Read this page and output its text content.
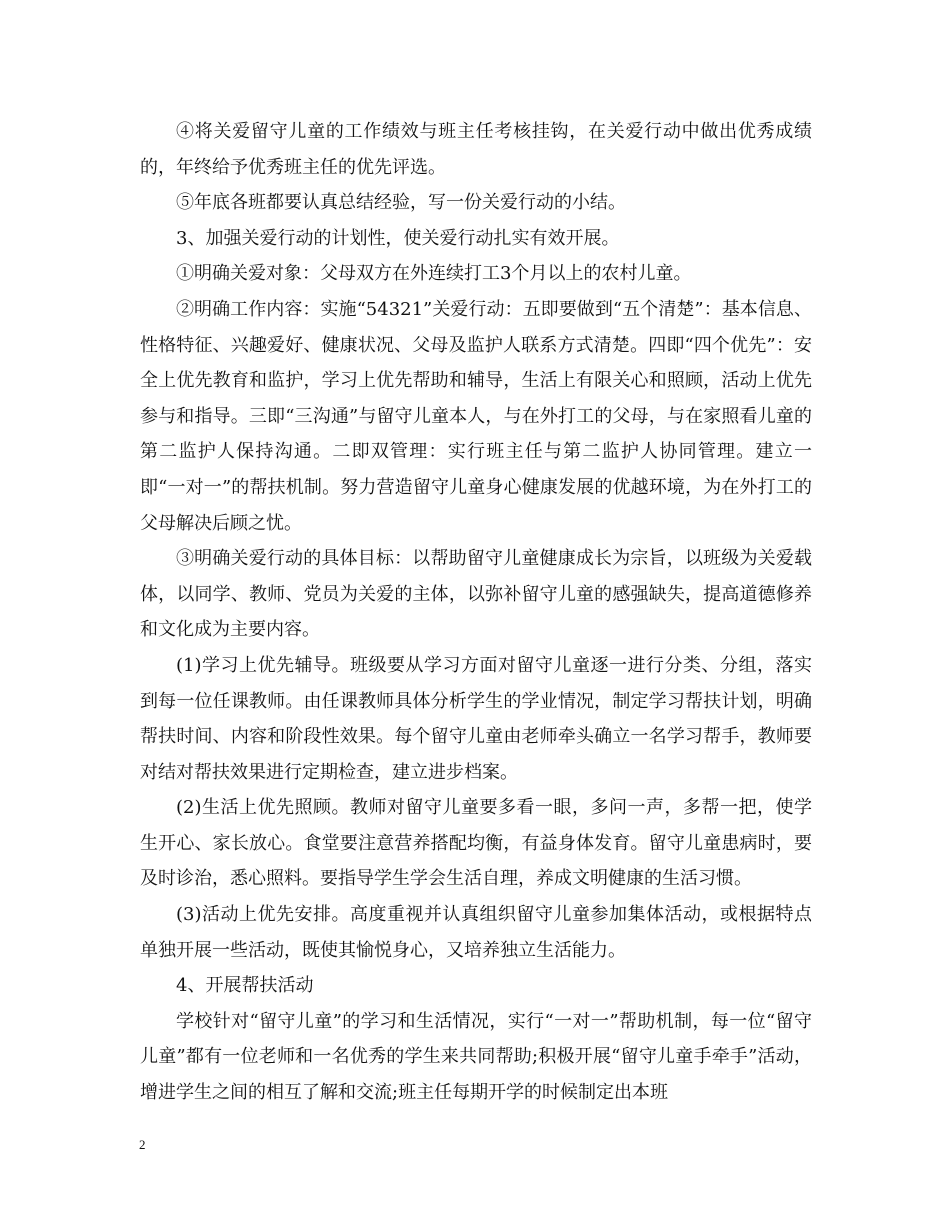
④将关爱留守儿童的工作绩效与班主任考核挂钩，在关爱行动中做出优秀成绩的，年终给予优秀班主任的优先评选。

⑤年底各班都要认真总结经验，写一份关爱行动的小结。

3、加强关爱行动的计划性，使关爱行动扎实有效开展。

①明确关爱对象：父母双方在外连续打工3个月以上的农村儿童。

②明确工作内容：实施“54321”关爱行动：五即要做到“五个清楚”：基本信息、性格特征、兴趣爱好、健康状况、父母及监护人联系方式清楚。四即“四个优先”：安全上优先教育和监护，学习上优先帮助和辅导，生活上有限关心和照顾，活动上优先参与和指导。三即“三沟通”与留守儿童本人，与在外打工的父母，与在家照看儿童的第二监护人保持沟通。二即双管理：实行班主任与第二监护人协同管理。建立一即“一对一”的帮扶机制。努力营造留守儿童身心健康发展的优越环境，为在外打工的父母解决后顾之忧。

③明确关爱行动的具体目标：以帮助留守儿童健康成长为宗旨，以班级为关爱载体，以同学、教师、党员为关爱的主体，以弥补留守儿童的感强缺失，提高道德修养和文化成为主要内容。

(1)学习上优先辅导。班级要从学习方面对留守儿童逐一进行分类、分组，落实到每一位任课教师。由任课教师具体分析学生的学业情况，制定学习帮扶计划，明确帮扶时间、内容和阶段性效果。每个留守儿童由老师牵头确立一名学习帮手，教师要对结对帮扶效果进行定期检查，建立进步档案。

(2)生活上优先照顾。教师对留守儿童要多看一眼，多问一声，多帮一把，使学生开心、家长放心。食堂要注意营养搭配均衡，有益身体发育。留守儿童患病时，要及时诊治，悉心照料。要指导学生学会生活自理，养成文明健康的生活习惯。

(3)活动上优先安排。高度重视并认真组织留守儿童参加集体活动，或根据特点单独开展一些活动，既使其愉悦身心，又培养独立生活能力。

4、开展帮扶活动

学校针对“留守儿童”的学习和生活情况，实行“一对一”帮助机制，每一位“留守儿童”都有一位老师和一名优秀的学生来共同帮助;积极开展“留守儿童手牵手”活动，增进学生之间的相互了解和交流;班主任每期开学的时候制定出本班

2
